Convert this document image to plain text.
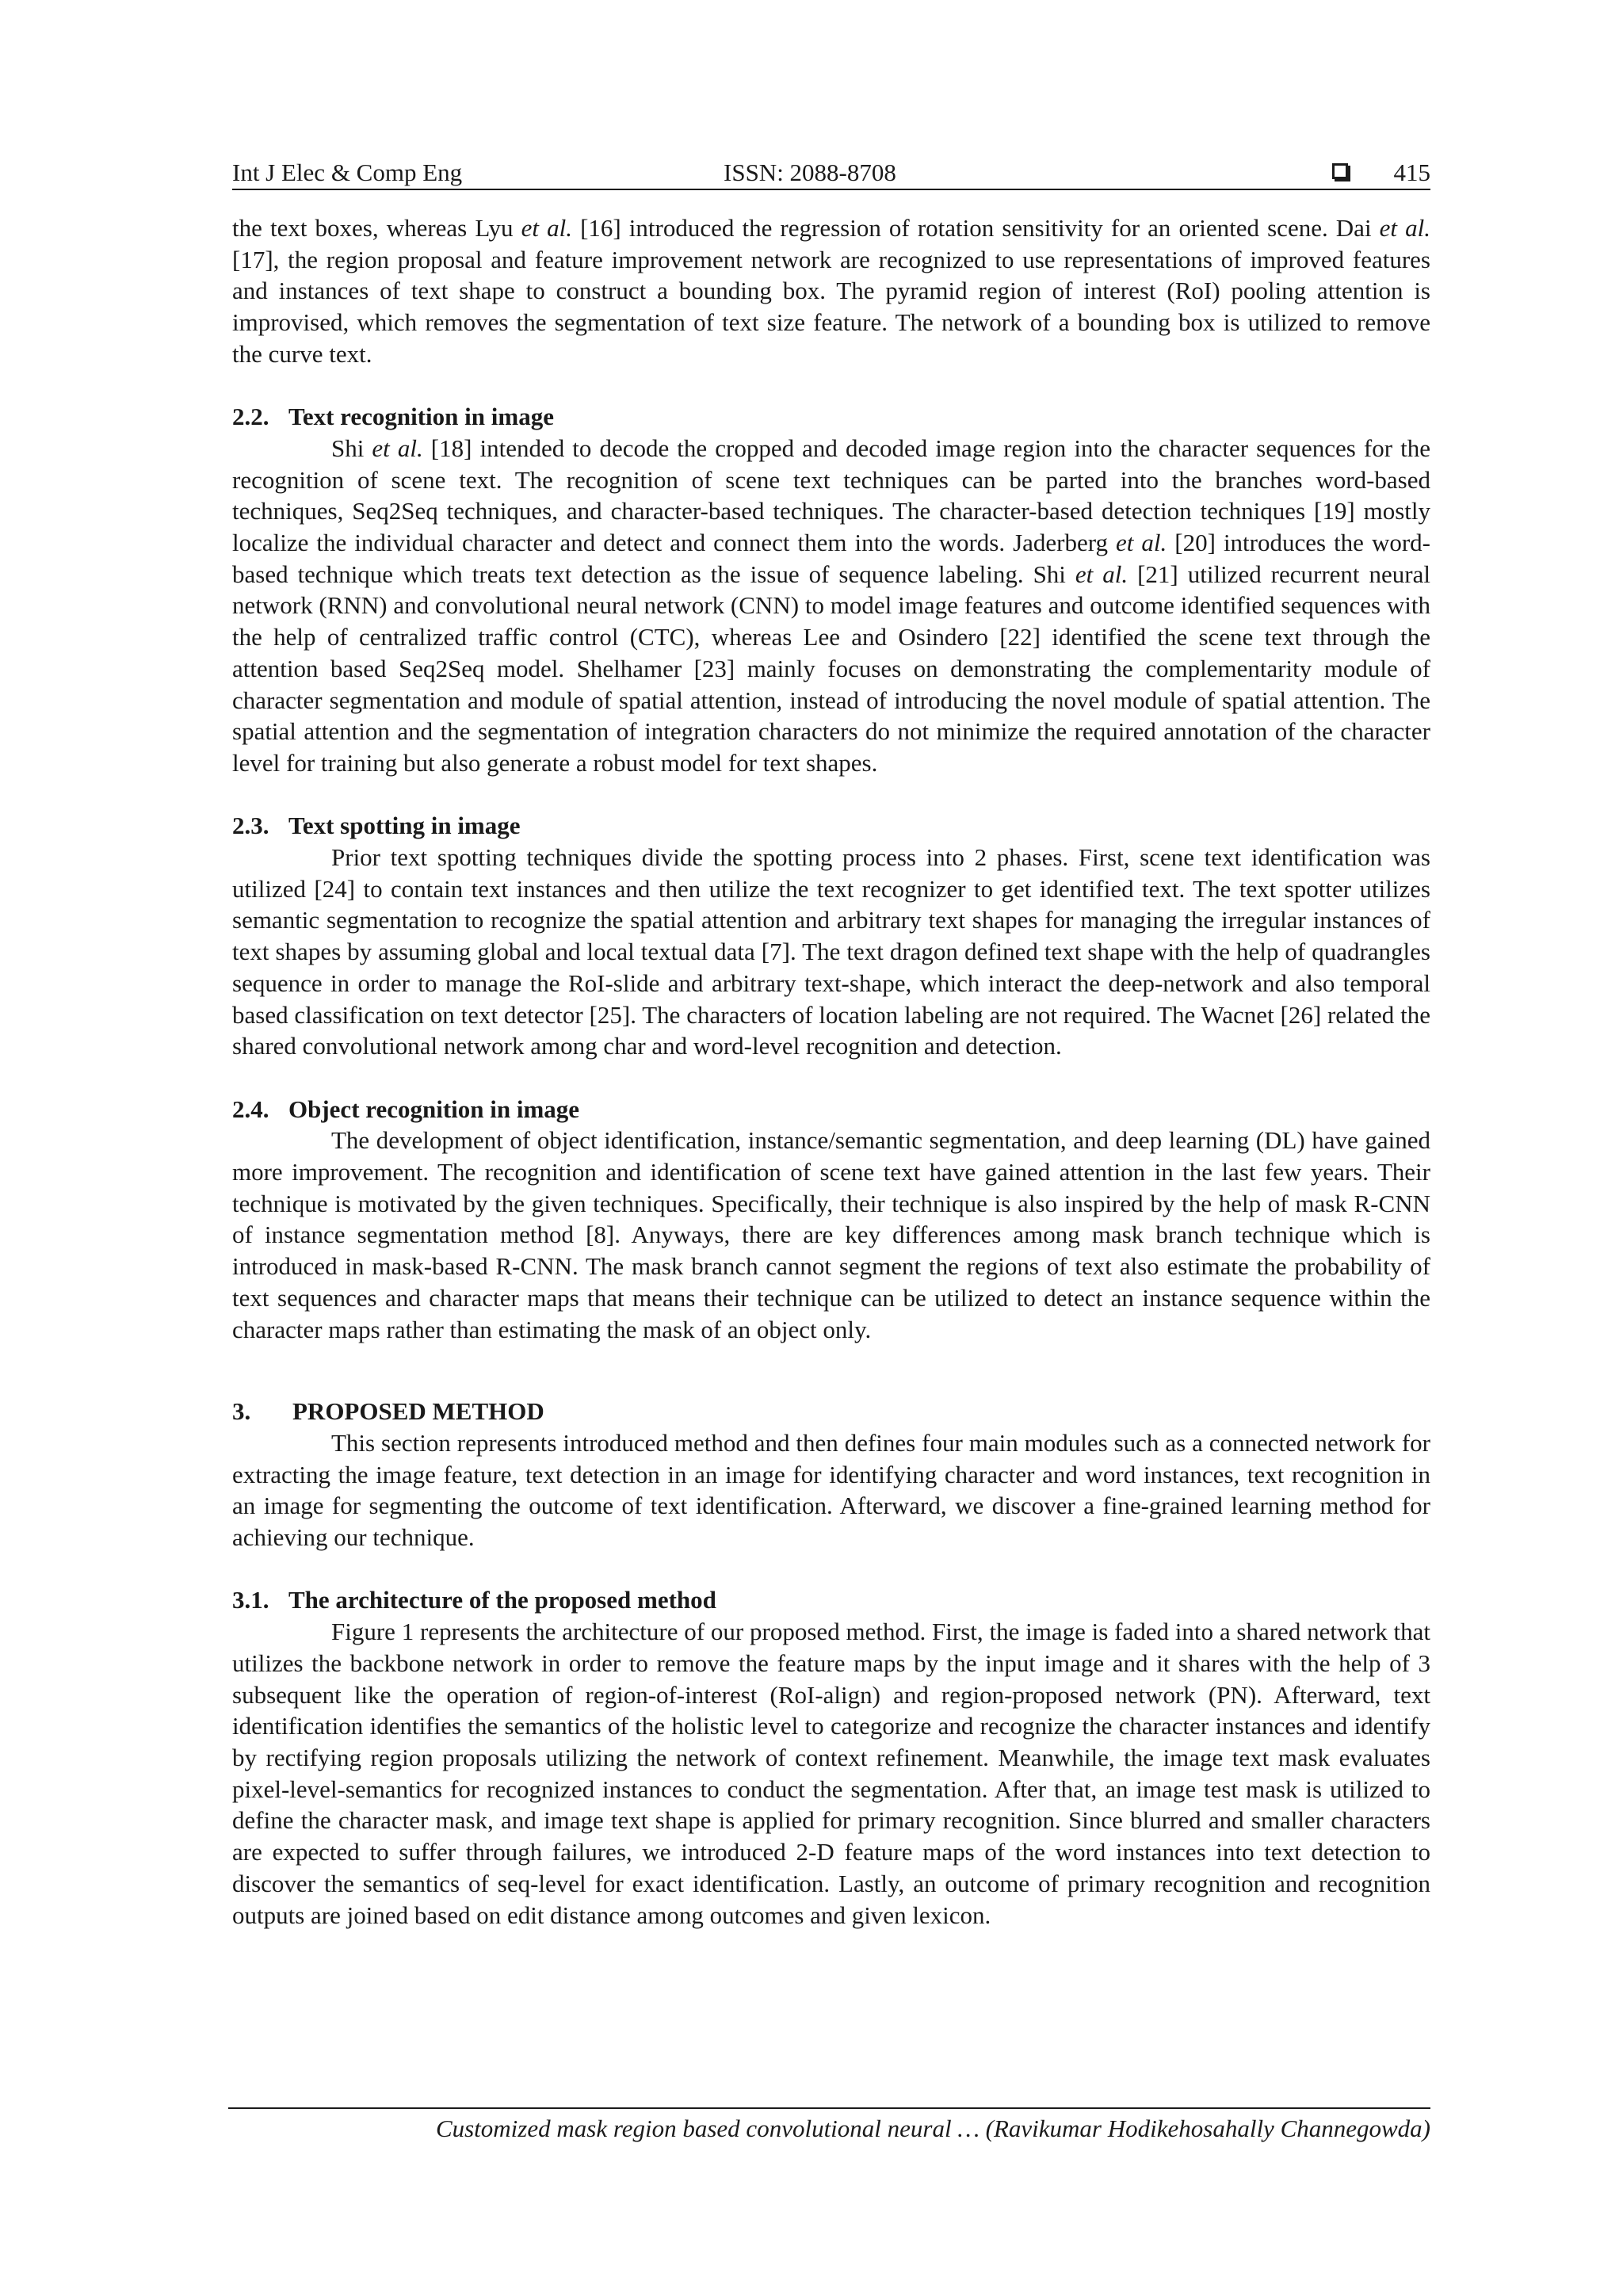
Int J Elec & Comp Eng	ISSN: 2088-8708	415

the text boxes, whereas Lyu et al. [16] introduced the regression of rotation sensitivity for an oriented scene. Dai et al. [17], the region proposal and feature improvement network are recognized to use representations of improved features and instances of text shape to construct a bounding box. The pyramid region of interest (RoI) pooling attention is improvised, which removes the segmentation of text size feature. The network of a bounding box is utilized to remove the curve text.

2.2. Text recognition in image

Shi et al. [18] intended to decode the cropped and decoded image region into the character sequences for the recognition of scene text. The recognition of scene text techniques can be parted into the branches word-based techniques, Seq2Seq techniques, and character-based techniques. The character-based detection techniques [19] mostly localize the individual character and detect and connect them into the words. Jaderberg et al. [20] introduces the word-based technique which treats text detection as the issue of sequence labeling. Shi et al. [21] utilized recurrent neural network (RNN) and convolutional neural network (CNN) to model image features and outcome identified sequences with the help of centralized traffic control (CTC), whereas Lee and Osindero [22] identified the scene text through the attention based Seq2Seq model. Shelhamer [23] mainly focuses on demonstrating the complementarity module of character segmentation and module of spatial attention, instead of introducing the novel module of spatial attention. The spatial attention and the segmentation of integration characters do not minimize the required annotation of the character level for training but also generate a robust model for text shapes.

2.3. Text spotting in image

Prior text spotting techniques divide the spotting process into 2 phases. First, scene text identification was utilized [24] to contain text instances and then utilize the text recognizer to get identified text. The text spotter utilizes semantic segmentation to recognize the spatial attention and arbitrary text shapes for managing the irregular instances of text shapes by assuming global and local textual data [7]. The text dragon defined text shape with the help of quadrangles sequence in order to manage the RoI-slide and arbitrary text-shape, which interact the deep-network and also temporal based classification on text detector [25]. The characters of location labeling are not required. The Wacnet [26] related the shared convolutional network among char and word-level recognition and detection.

2.4. Object recognition in image

The development of object identification, instance/semantic segmentation, and deep learning (DL) have gained more improvement. The recognition and identification of scene text have gained attention in the last few years. Their technique is motivated by the given techniques. Specifically, their technique is also inspired by the help of mask R-CNN of instance segmentation method [8]. Anyways, there are key differences among mask branch technique which is introduced in mask-based R-CNN. The mask branch cannot segment the regions of text also estimate the probability of text sequences and character maps that means their technique can be utilized to detect an instance sequence within the character maps rather than estimating the mask of an object only.

3. PROPOSED METHOD

This section represents introduced method and then defines four main modules such as a connected network for extracting the image feature, text detection in an image for identifying character and word instances, text recognition in an image for segmenting the outcome of text identification. Afterward, we discover a fine-grained learning method for achieving our technique.

3.1. The architecture of the proposed method

Figure 1 represents the architecture of our proposed method. First, the image is faded into a shared network that utilizes the backbone network in order to remove the feature maps by the input image and it shares with the help of 3 subsequent like the operation of region-of-interest (RoI-align) and region-proposed network (PN). Afterward, text identification identifies the semantics of the holistic level to categorize and recognize the character instances and identify by rectifying region proposals utilizing the network of context refinement. Meanwhile, the image text mask evaluates pixel-level-semantics for recognized instances to conduct the segmentation. After that, an image test mask is utilized to define the character mask, and image text shape is applied for primary recognition. Since blurred and smaller characters are expected to suffer through failures, we introduced 2-D feature maps of the word instances into text detection to discover the semantics of seq-level for exact identification. Lastly, an outcome of primary recognition and recognition outputs are joined based on edit distance among outcomes and given lexicon.

Customized mask region based convolutional neural … (Ravikumar Hodikehosahally Channegowda)
